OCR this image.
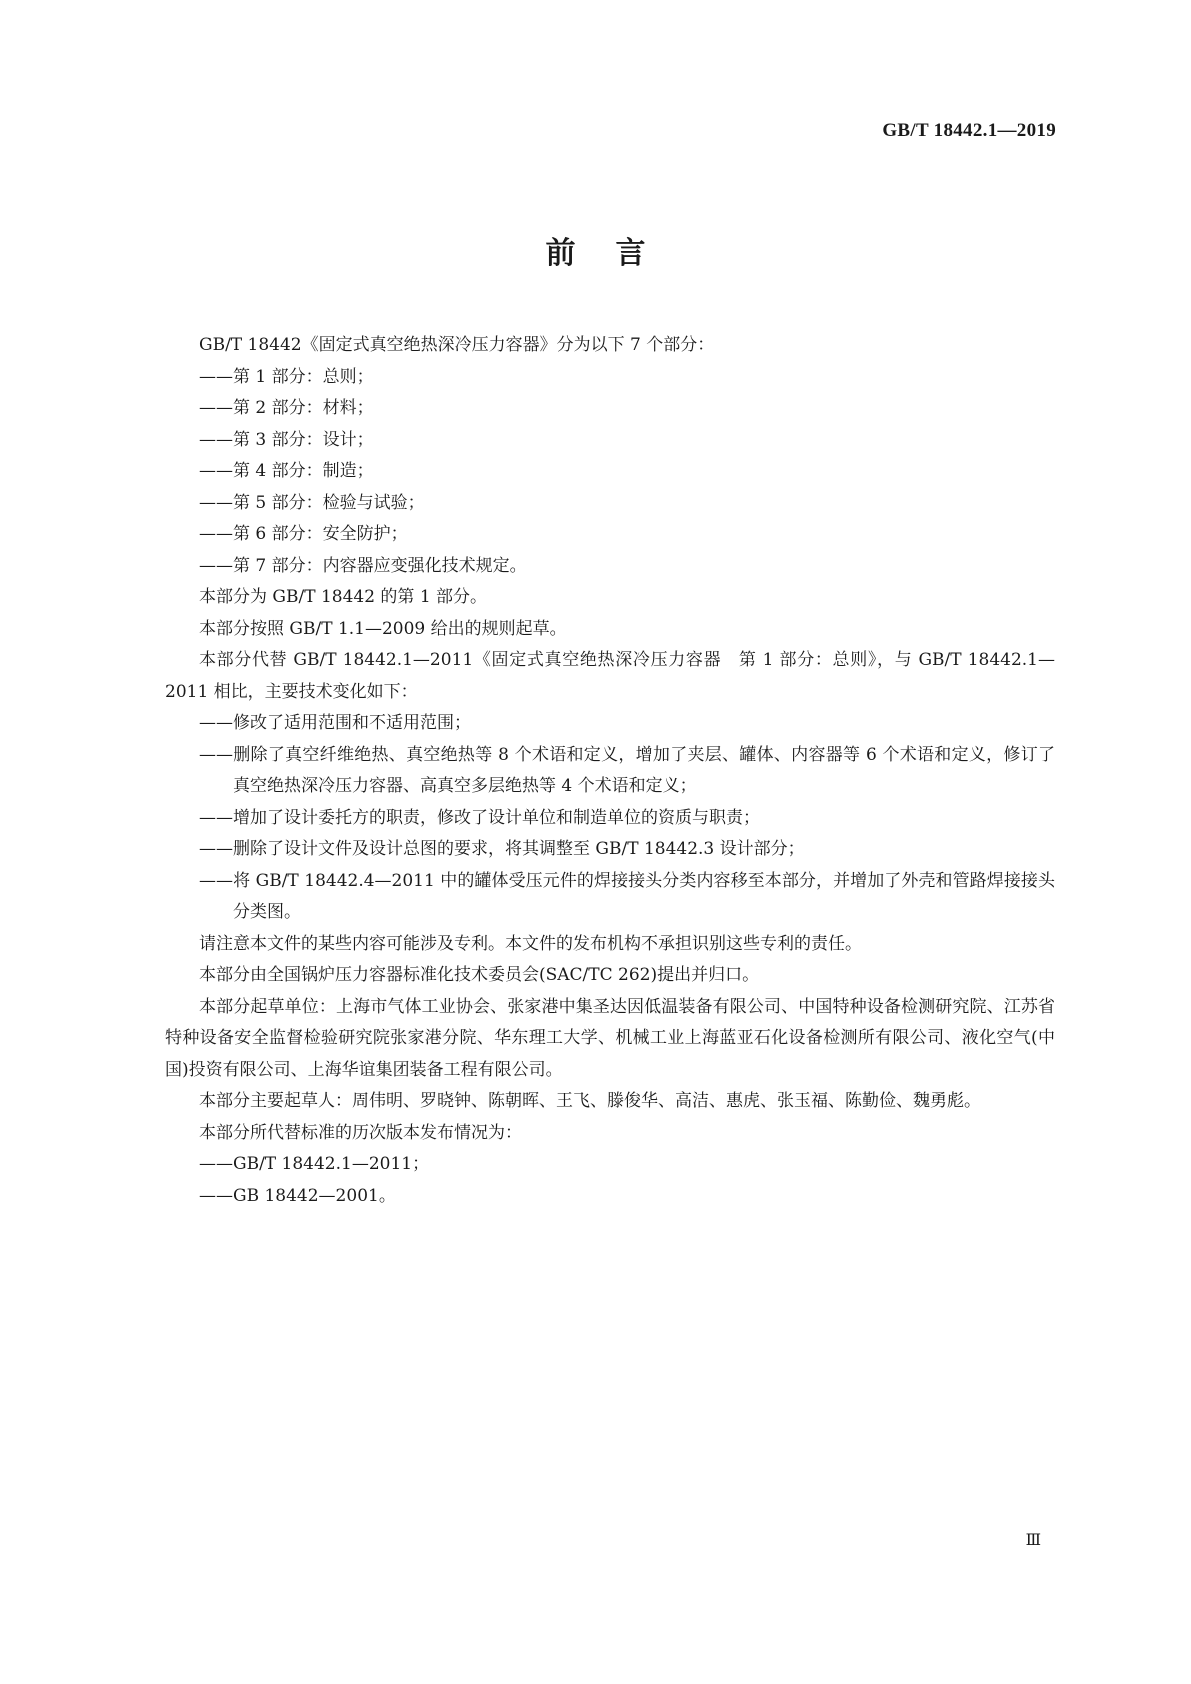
GB/T 18442.1—2019
前言

GB/T 18442《固定式真空绝热深冷压力容器》分为以下 7 个部分：

——第 1 部分：总则；

——第 2 部分：材料；

——第 3 部分：设计；

——第 4 部分：制造；

——第 5 部分：检验与试验；

——第 6 部分：安全防护；

——第 7 部分：内容器应变强化技术规定。

本部分为 GB/T 18442 的第 1 部分。

本部分按照 GB/T 1.1—2009 给出的规则起草。

本部分代替 GB/T 18442.1—2011《固定式真空绝热深冷压力容器　第 1 部分：总则》，与 GB/T 18442.1—2011 相比，主要技术变化如下：

——修改了适用范围和不适用范围；

——删除了真空纤维绝热、真空绝热等 8 个术语和定义，增加了夹层、罐体、内容器等 6 个术语和定义，修订了真空绝热深冷压力容器、高真空多层绝热等 4 个术语和定义；

——增加了设计委托方的职责，修改了设计单位和制造单位的资质与职责；

——删除了设计文件及设计总图的要求，将其调整至 GB/T 18442.3 设计部分；

——将 GB/T 18442.4—2011 中的罐体受压元件的焊接接头分类内容移至本部分，并增加了外壳和管路焊接接头分类图。

请注意本文件的某些内容可能涉及专利。本文件的发布机构不承担识别这些专利的责任。

本部分由全国锅炉压力容器标准化技术委员会(SAC/TC 262)提出并归口。

本部分起草单位：上海市气体工业协会、张家港中集圣达因低温装备有限公司、中国特种设备检测研究院、江苏省特种设备安全监督检验研究院张家港分院、华东理工大学、机械工业上海蓝亚石化设备检测所有限公司、液化空气(中国)投资有限公司、上海华谊集团装备工程有限公司。

本部分主要起草人：周伟明、罗晓钟、陈朝晖、王飞、滕俊华、高洁、惠虎、张玉福、陈勤俭、魏勇彪。

本部分所代替标准的历次版本发布情况为：

——GB/T 18442.1—2011；

——GB 18442—2001。

Ⅲ
